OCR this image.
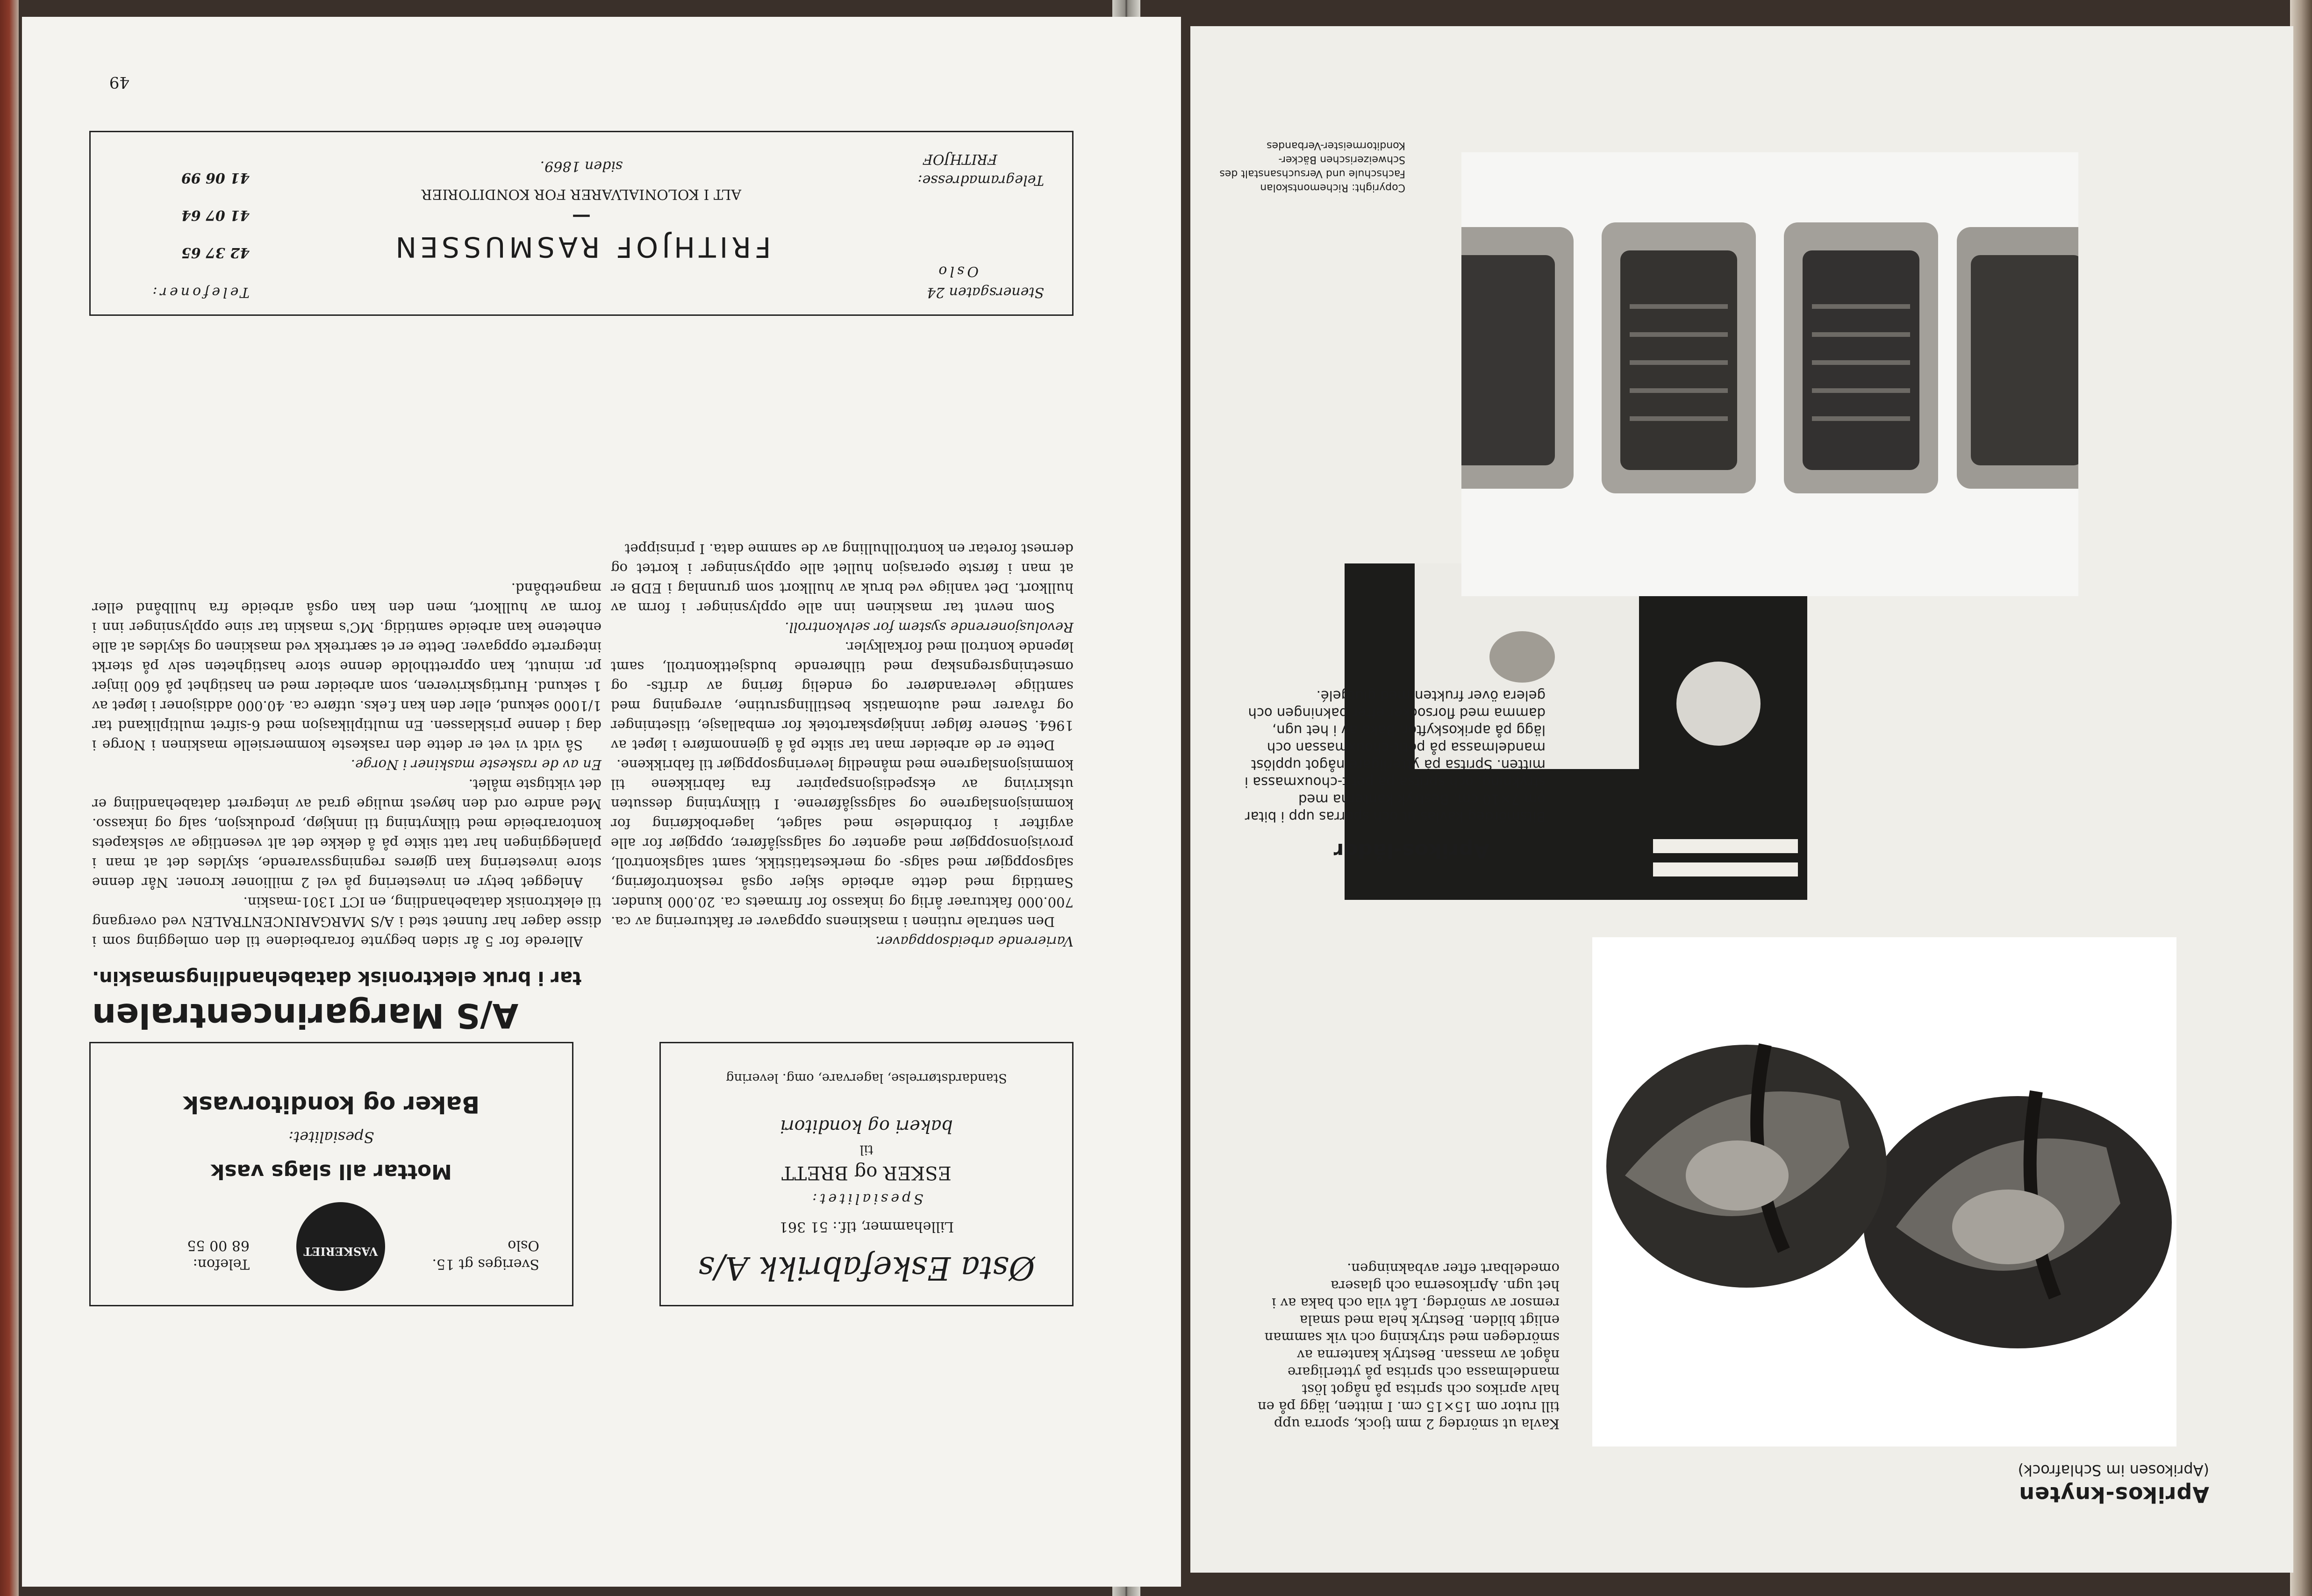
Aprikos-knyten
(Aprikosen im Schlafrock)
Kavla ut smördeg 2 mm tjock, sporra upp till rutor om 15×15 cm. I mitten, lägg på en halv aprikos och spritsa på något löst mandelmassa och spritsa på ytterligare något av massan. Bestryk kanterna av smördegen med strykning och vik samman enligt bilden. Bestryk hela med smala remsor av smördeg. Låt vila och baka av i het ugn. Aprikoserna och glasera omedelbart efter avbakningen.
Aprikos-lådor
Bitsmördeg kavlas ut och sporras upp i bitar om 7×10 cm. Bestryk kanterna med strykning, och spritsa på petit-chouxmassa i mitten. Spritsa på ytterligare något upplöst mandelmassa på petit-chouxmassan och lägg på aprikoskyftor. Baka av i het ugn, damma med florsocker efter bakningen och gelera över frukten med glutgelé.
Copyright: Richemontskolan Fachschule und Versuchsanstalt des Schweizerischen Bäcker-Konditormeister-Verbandes
Østa Eskefabrikk A/s
Lillehammer, tlf.: 51 361
Spesialitet:
ESKER og BRETT
til
bakeri og konditori
Standardstørrelse, lagervare, omg. levering
VASKERIET
Telefon:
68 00 55
Sveriges gt 15.
Oslo
Mottar all slags vask
Spesialitet:
Baker og konditorvask
A/S Margarincentralen
tar i bruk elektronisk databehandlingsmaskin.

Allerede for 5 år siden begynte forarbeidene til den omlegging som i disse dager har funnet sted i A/S MARGARINCENTRALEN ved overgang til elektronisk databehandling, en ICT 1301-maskin.

Anlegget betyr en investering på vel 2 millioner kroner. Når denne store investering kan gjøres regningssvarende, skyldes det at man i planleggingen har tatt sikte på å dekke det alt vesentlige av selskapets kontorarbeide med tilknytning til innkjøp, produksjon, salg og inkasso. Med andre ord den høyest mulige grad av integrert databehandling er det viktigste målet.

En av de raskeste maskiner i Norge.

Så vidt vi vet er dette den raskeste kommersielle maskinen i Norge i dag i denne prisklassen. En multiplikasjon med 6-sifret multiplikand tar 1/1000 sekund, eller den kan f.eks. utføre ca. 40.000 addisjoner i løpet av 1 sekund. Hurtigskriveren, som arbeider med en hastighet på 600 linjer pr. minutt, kan opprettholde denne store hastigheten selv på sterkt integrerte oppgaver. Dette er et særtrekk ved maskinen og skyldes at alle enhetene kan arbeide samtidig. MC's maskin tar sine opplysninger inn i form av hullkort, men den kan også arbeide fra hullbånd eller magnetbånd.

Varierende arbeidsoppgaver.

Den sentrale rutinen i maskinens oppgaver er fakturering av ca. 700.000 fakturaer årlig og inkasso for firmaets ca. 20.000 kunder. Samtidig med dette arbeide skjer også reskontroføring, salgsoppgjør med salgs- og merkestatistikk, samt salgskontroll, provisjonsoppgjør med agenter og salgssjåfører, oppgjør for alle avgifter i forbindelse med salget, lagerbokføring for kommisjonslagrene og salgssjåførene. I tilknytning dessuten utskriving av ekspedisjonspapirer fra fabrikkene til kommisjonslagrene med månedlig leveringsoppgjør til fabrikkene.

Dette er de arbeider man tar sikte på å gjennomføre i løpet av 1964. Senere følger innkjøpskartotek for emballasje, tilsetninger og råvarer med automatisk bestillingsrutine, avregning med samtlige leverandører og endelig føring av drifts- og omsetningsregnskap med tilhørende budsjettkontroll, samt løpende kontroll med forkalkyler.

Revolusjonerende system for selvkontroll.

Som nevnt tar maskinen inn alle opplysninger i form av hullkort. Det vanlige ved bruk av hullkort som grunnlag i EDB er at man i første operasjon hullet alle opplysninger i kortet og dernest foretar en kontrollhulling av de samme data. I prinsippet

Telefoner:
42 37 65
41 07 64
41 06 99
Stenersgaten 24
Oslo
FRITHJOF RASMUSSEN
—
ALT I KOLONIALVARER FOR KONDITORIER
siden 1869.
Telegramadresse:
FRITHJOF
49
